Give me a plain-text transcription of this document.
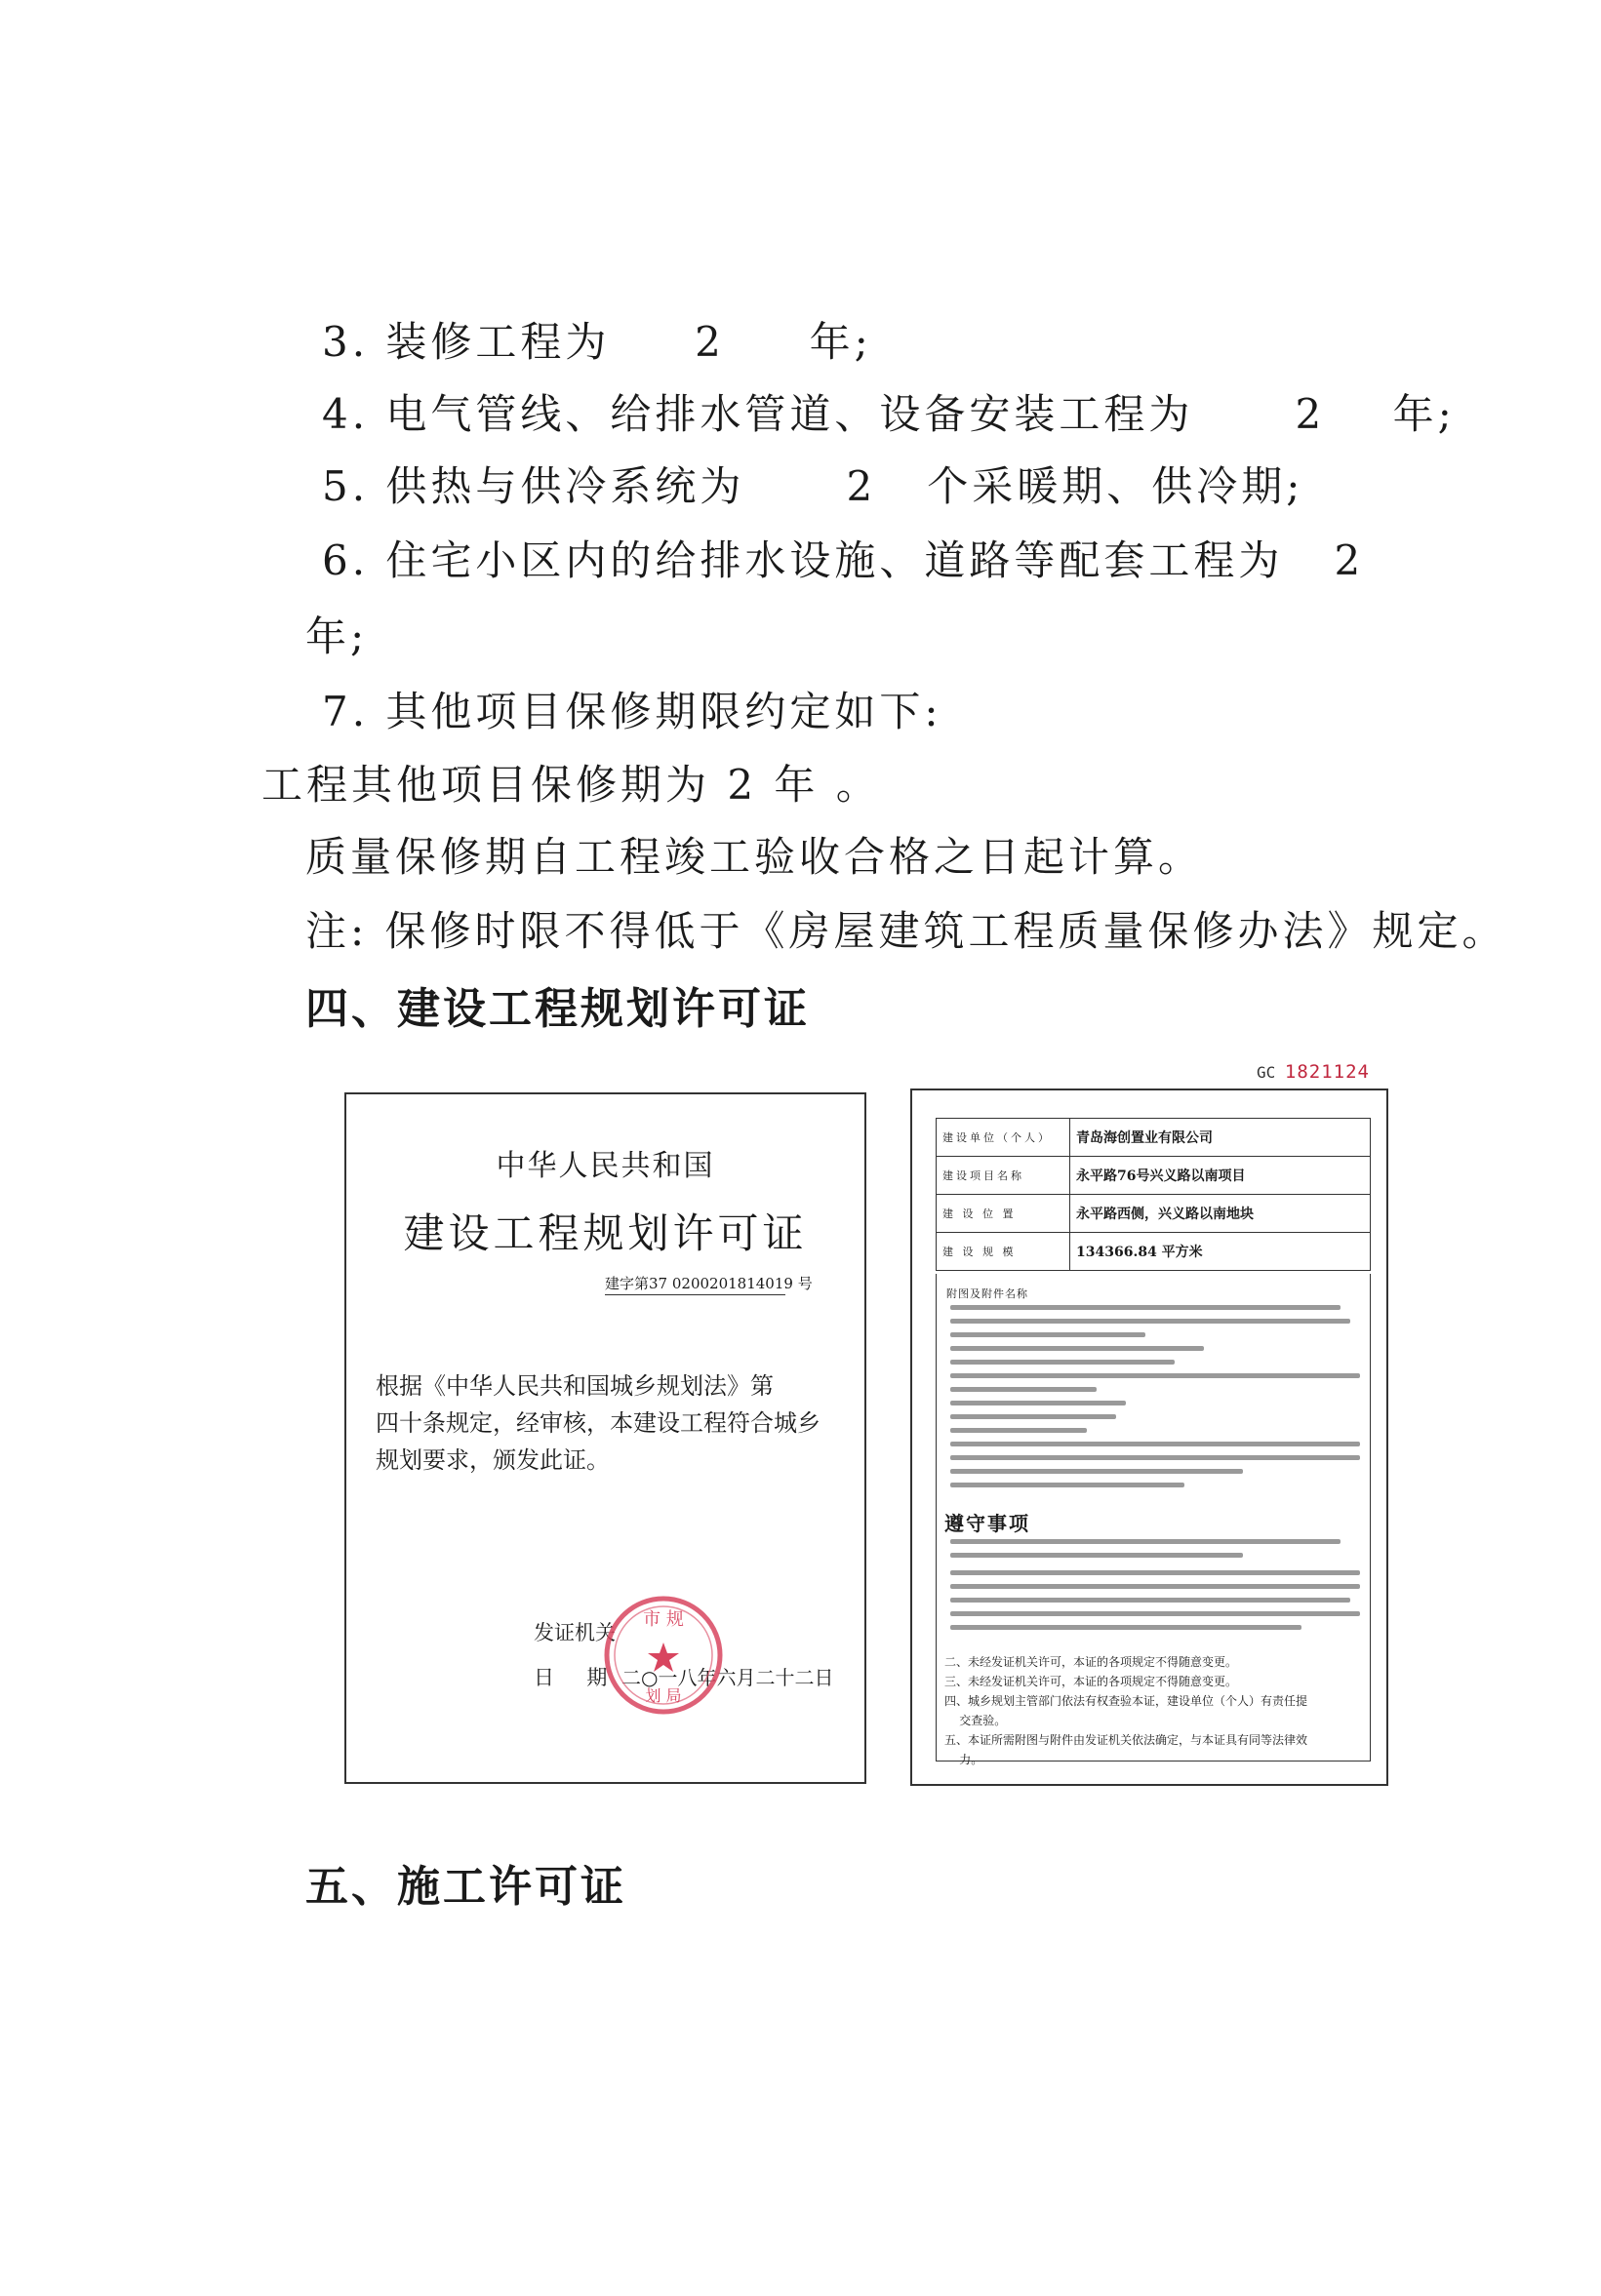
3. 装修工程为     2     年;
4. 电气管线、给排水管道、设备安装工程为      2    年;
5. 供热与供冷系统为      2   个采暖期、供冷期;
6. 住宅小区内的给排水设施、道路等配套工程为   2
年;
7. 其他项目保修期限约定如下:
工程其他项目保修期为 2 年 。
质量保修期自工程竣工验收合格之日起计算。
注: 保修时限不得低于《房屋建筑工程质量保修办法》规定。
四、建设工程规划许可证
中华人民共和国
建设工程规划许可证
建字第37 0200201814019 号
根据《中华人民共和国城乡规划法》第
四十条规定，经审核，本建设工程符合城乡
规划要求，颁发此证。
发证机关
日     期 二○一八年六月二十二日
市 规
划 局
GC 1821124
建设单位（个人）	青岛海创置业有限公司
建设项目名称	永平路76号兴义路以南项目
建 设 位 置	永平路西侧，兴义路以南地块
建 设 规 模	134366.84 平方米
附图及附件名称
遵守事项
二、未经发证机关许可，本证的各项规定不得随意变更。
三、未经发证机关许可，本证的各项规定不得随意变更。
四、城乡规划主管部门依法有权查验本证，建设单位（个人）有责任提
交查验。
五、本证所需附图与附件由发证机关依法确定，与本证具有同等法律效
力。
五、施工许可证
